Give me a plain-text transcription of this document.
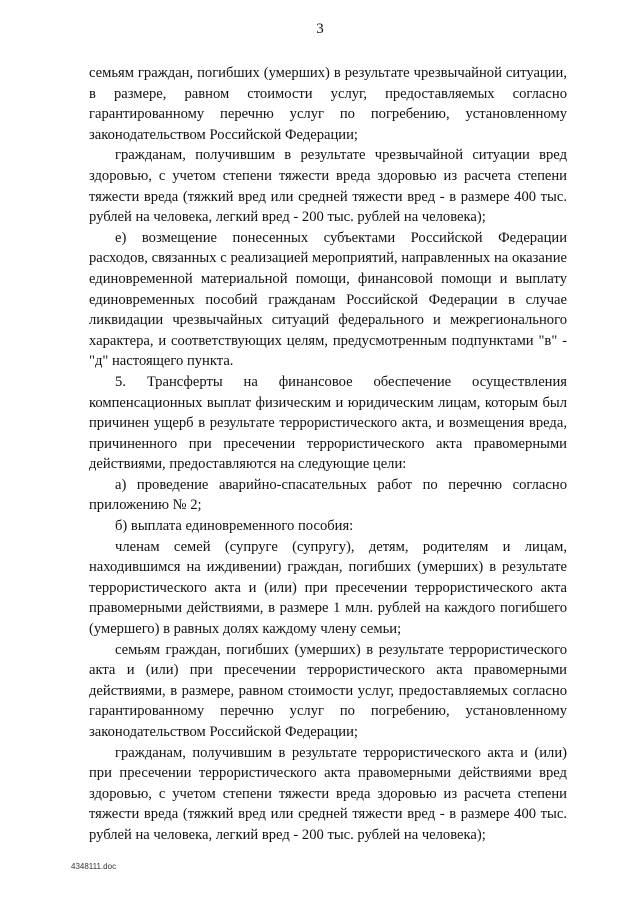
3

семьям граждан, погибших (умерших) в результате чрезвычайной ситуации, в размере, равном стоимости услуг, предоставляемых согласно гарантированному перечню услуг по погребению, установленному законодательством Российской Федерации;

гражданам, получившим в результате чрезвычайной ситуации вред здоровью, с учетом степени тяжести вреда здоровью из расчета степени тяжести вреда (тяжкий вред или средней тяжести вред - в размере 400 тыс. рублей на человека, легкий вред - 200 тыс. рублей на человека);

е) возмещение понесенных субъектами Российской Федерации расходов, связанных с реализацией мероприятий, направленных на оказание единовременной материальной помощи, финансовой помощи и выплату единовременных пособий гражданам Российской Федерации в случае ликвидации чрезвычайных ситуаций федерального и межрегионального характера, и соответствующих целям, предусмотренным подпунктами "в" - "д" настоящего пункта.

5. Трансферты на финансовое обеспечение осуществления компенсационных выплат физическим и юридическим лицам, которым был причинен ущерб в результате террористического акта, и возмещения вреда, причиненного при пресечении террористического акта правомерными действиями, предоставляются на следующие цели:

а) проведение аварийно-спасательных работ по перечню согласно приложению № 2;

б) выплата единовременного пособия:

членам семей (супруге (супругу), детям, родителям и лицам, находившимся на иждивении) граждан, погибших (умерших) в результате террористического акта и (или) при пресечении террористического акта правомерными действиями, в размере 1 млн. рублей на каждого погибшего (умершего) в равных долях каждому члену семьи;

семьям граждан, погибших (умерших) в результате террористического акта и (или) при пресечении террористического акта правомерными действиями, в размере, равном стоимости услуг, предоставляемых согласно гарантированному перечню услуг по погребению, установленному законодательством Российской Федерации;

гражданам, получившим в результате террористического акта и (или) при пресечении террористического акта правомерными действиями вред здоровью, с учетом степени тяжести вреда здоровью из расчета степени тяжести вреда (тяжкий вред или средней тяжести вред - в размере 400 тыс. рублей на человека, легкий вред - 200 тыс. рублей на человека);

4348111.doc
